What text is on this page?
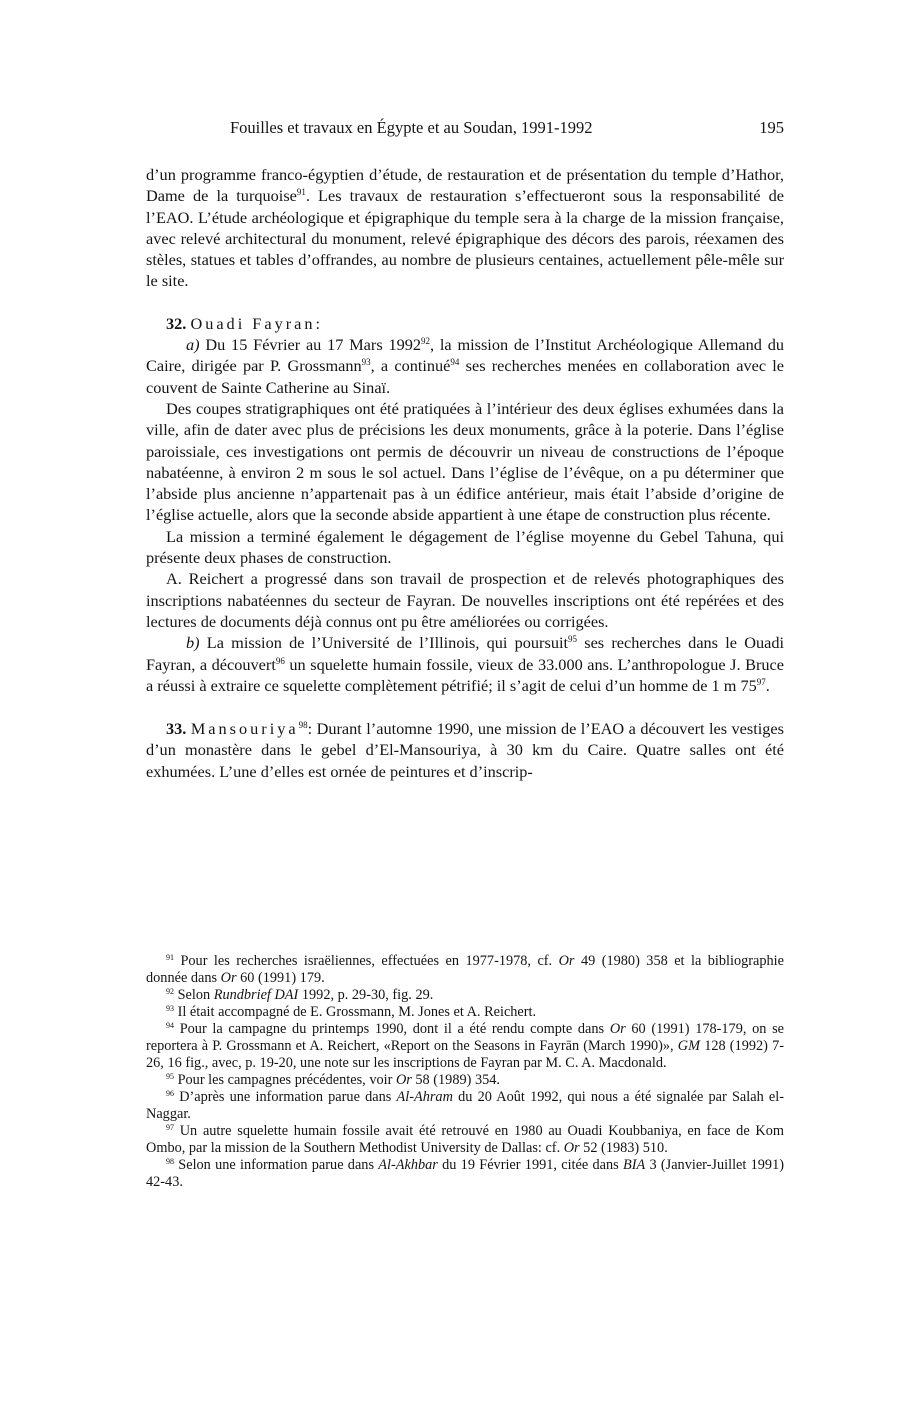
Fouilles et travaux en Égypte et au Soudan, 1991-1992	195

d’un programme franco-égyptien d’étude, de restauration et de présentation du temple d’Hathor, Dame de la turquoise$^{91}$. Les travaux de restauration s’effectueront sous la responsabilité de l’EAO. L’étude archéologique et épigraphique du temple sera à la charge de la mission française, avec relevé architectural du monument, relevé épigraphique des décors des parois, réexamen des stèles, statues et tables d’offrandes, au nombre de plusieurs centaines, actuellement pêle-mêle sur le site.

32. Ouadi Fayran:

a) Du 15 Février au 17 Mars 1992$^{92}$, la mission de l’Institut Archéologique Allemand du Caire, dirigée par P. Grossmann$^{93}$, a continué$^{94}$ ses recherches menées en collaboration avec le couvent de Sainte Catherine au Sinaï.

Des coupes stratigraphiques ont été pratiquées à l’intérieur des deux églises exhumées dans la ville, afin de dater avec plus de précisions les deux monuments, grâce à la poterie. Dans l’église paroissiale, ces investigations ont permis de découvrir un niveau de constructions de l’époque nabatéenne, à environ 2 m sous le sol actuel. Dans l’église de l’évêque, on a pu déterminer que l’abside plus ancienne n’appartenait pas à un édifice antérieur, mais était l’abside d’origine de l’église actuelle, alors que la seconde abside appartient à une étape de construction plus récente.

La mission a terminé également le dégagement de l’église moyenne du Gebel Tahuna, qui présente deux phases de construction.

A. Reichert a progressé dans son travail de prospection et de relevés photographiques des inscriptions nabatéennes du secteur de Fayran. De nouvelles inscriptions ont été repérées et des lectures de documents déjà connus ont pu être améliorées ou corrigées.

b) La mission de l’Université de l’Illinois, qui poursuit$^{95}$ ses recherches dans le Ouadi Fayran, a découvert$^{96}$ un squelette humain fossile, vieux de 33.000 ans. L’anthropologue J. Bruce a réussi à extraire ce squelette complètement pétrifié; il s’agit de celui d’un homme de 1 m $75^{97}$.

33. Mansouriya$^{98}$: Durant l’automne 1990, une mission de l’EAO a découvert les vestiges d’un monastère dans le gebel d’El-Mansouriya, à 30 km du Caire. Quatre salles ont été exhumées. L’une d’elles est ornée de peintures et d’inscrip-

$^{91}$ Pour les recherches israëliennes, effectuées en 1977-1978, cf. Or 49 (1980) 358 et la bibliographie donnée dans Or 60 (1991) 179.

$^{92}$ Selon Rundbrief DAI 1992, p. 29-30, fig. 29.

$^{93}$ Il était accompagné de E. Grossmann, M. Jones et A. Reichert.

$^{94}$ Pour la campagne du printemps 1990, dont il a été rendu compte dans Or 60 (1991) 178-179, on se reportera à P. Grossmann et A. Reichert, «Report on the Seasons in Fayrān (March 1990)», GM 128 (1992) 7-26, 16 fig., avec, p. 19-20, une note sur les inscriptions de Fayran par M. C. A. Macdonald.

$^{95}$ Pour les campagnes précédentes, voir Or 58 (1989) 354.

$^{96}$ D’après une information parue dans Al-Ahram du 20 Août 1992, qui nous a été signalée par Salah el-Naggar.

$^{97}$ Un autre squelette humain fossile avait été retrouvé en 1980 au Ouadi Koubbaniya, en face de Kom Ombo, par la mission de la Southern Methodist University de Dallas: cf. Or 52 (1983) 510.

$^{98}$ Selon une information parue dans Al-Akhbar du 19 Février 1991, citée dans BIA 3 (Janvier-Juillet 1991) 42-43.
